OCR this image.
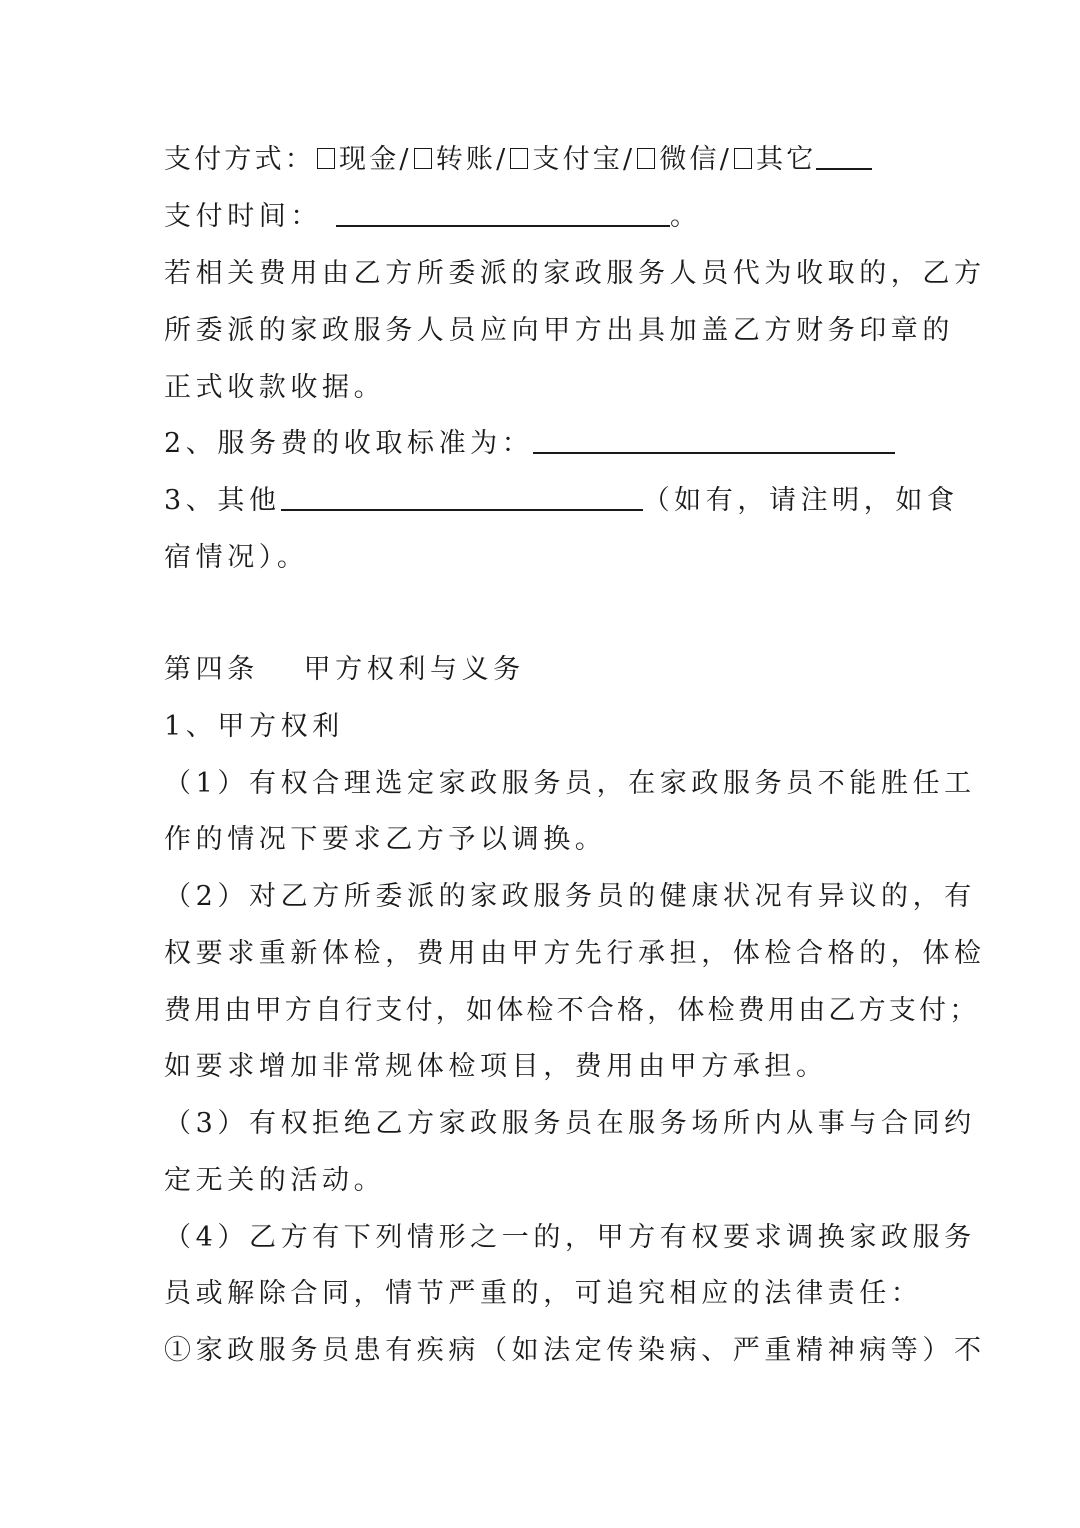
支付方式： 现金/ 转账/ 支付宝/ 微信/ 其它
支付时间：	。
若相关费用由乙方所委派的家政服务人员代为收取的，乙方
所委派的家政服务人员应向甲方出具加盖乙方财务印章的
正式收款收据。
2、服务费的收取标准为：
3、其他	（如有，请注明，如食
宿情况）。
第四条　 甲方权利与义务
1、甲方权利
（1）有权合理选定家政服务员，在家政服务员不能胜任工
作的情况下要求乙方予以调换。
（2）对乙方所委派的家政服务员的健康状况有异议的，有
权要求重新体检，费用由甲方先行承担，体检合格的，体检
费用由甲方自行支付，如体检不合格，体检费用由乙方支付；
如要求增加非常规体检项目，费用由甲方承担。
（3）有权拒绝乙方家政服务员在服务场所内从事与合同约
定无关的活动。
（4）乙方有下列情形之一的，甲方有权要求调换家政服务
员或解除合同，情节严重的，可追究相应的法律责任：
①家政服务员患有疾病（如法定传染病、严重精神病等）不
